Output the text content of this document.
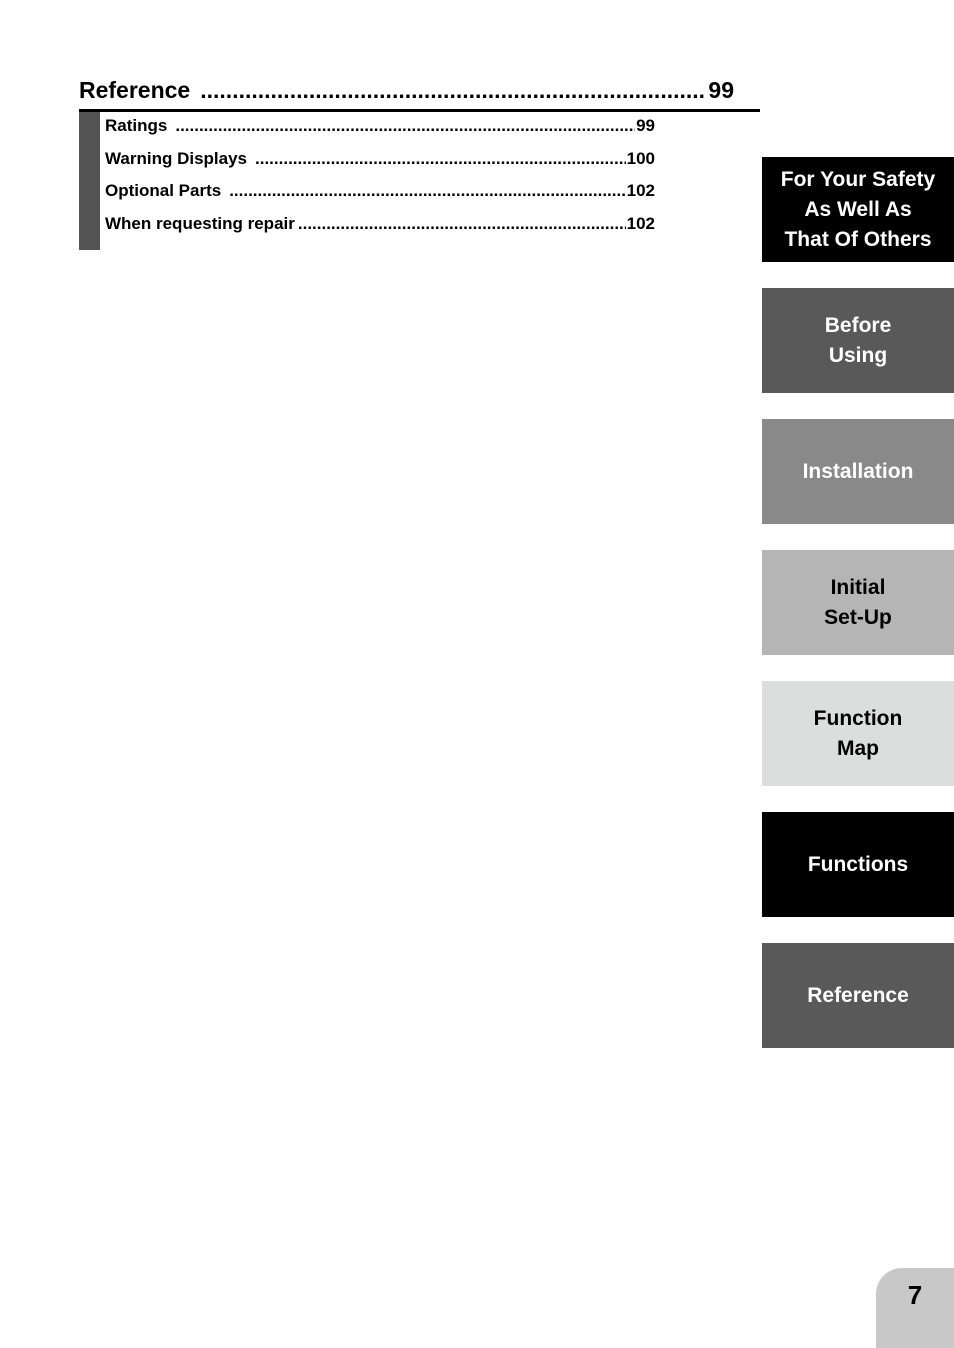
Reference .....	99
Ratings .....	99
Warning Displays .....	100
Optional Parts .....	102
When requesting repair .....	102
For Your Safety
As Well As
That Of Others
Before
Using
Installation
Initial
Set-Up
Function
Map
Functions
Reference
7
